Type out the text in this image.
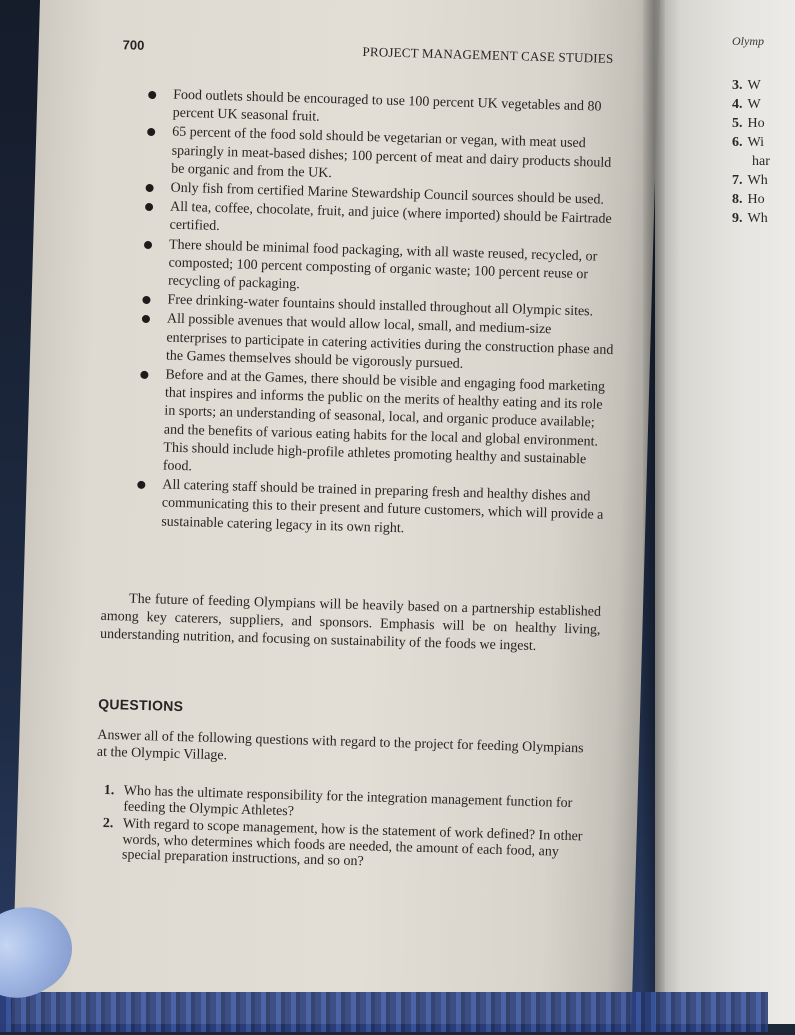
700	PROJECT MANAGEMENT CASE STUDIES
Food outlets should be encouraged to use 100 percent UK vegetables and 80 percent UK seasonal fruit.
65 percent of the food sold should be vegetarian or vegan, with meat used sparingly in meat-based dishes; 100 percent of meat and dairy products should be organic and from the UK.
Only fish from certified Marine Stewardship Council sources should be used.
All tea, coffee, chocolate, fruit, and juice (where imported) should be Fairtrade certified.
There should be minimal food packaging, with all waste reused, recycled, or composted; 100 percent composting of organic waste; 100 percent reuse or recycling of packaging.
Free drinking-water fountains should installed throughout all Olympic sites.
All possible avenues that would allow local, small, and medium-size enterprises to participate in catering activities during the construction phase and the Games themselves should be vigorously pursued.
Before and at the Games, there should be visible and engaging food marketing that inspires and informs the public on the merits of healthy eating and its role in sports; an understanding of seasonal, local, and organic produce available; and the benefits of various eating habits for the local and global environment. This should include high-profile athletes promoting healthy and sustainable food.
All catering staff should be trained in preparing fresh and healthy dishes and communicating this to their present and future customers, which will provide a sustainable catering legacy in its own right.

The future of feeding Olympians will be heavily based on a partnership established among key caterers, suppliers, and sponsors. Emphasis will be on healthy living, understanding nutrition, and focusing on sustainability of the foods we ingest.

QUESTIONS

Answer all of the following questions with regard to the project for feeding Olympians at the Olympic Village.

1. Who has the ultimate responsibility for the integration management function for feeding the Olympic Athletes?
2. With regard to scope management, how is the statement of work defined? In other words, who determines which foods are needed, the amount of each food, any special preparation instructions, and so on?
Olymp
3. W
4. W
5. Ho
6. Wi
har
7. Wh
8. Ho
9. Wh
